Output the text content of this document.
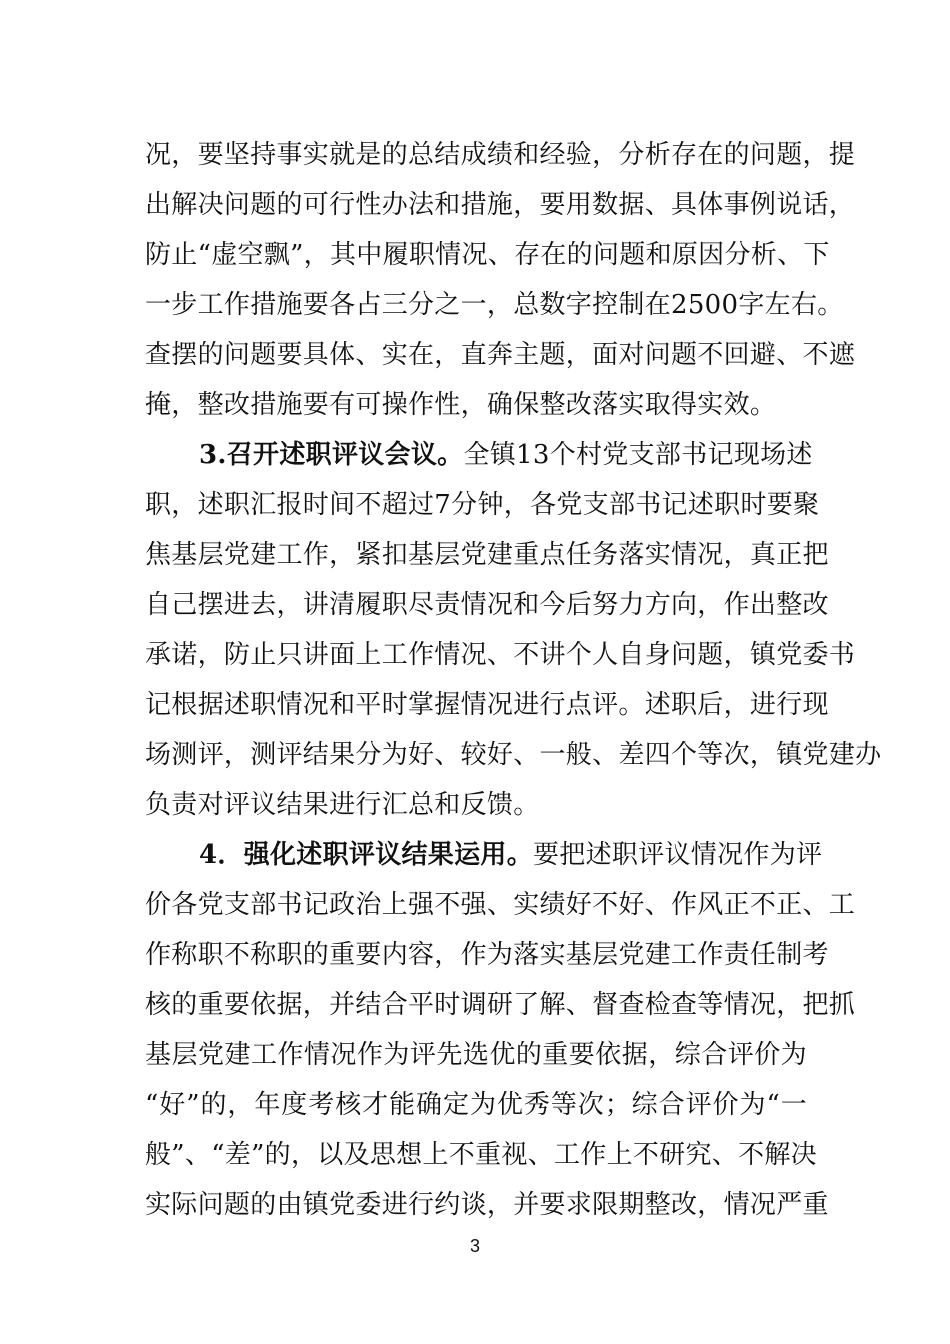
况，要坚持事实就是的总结成绩和经验，分析存在的问题，提
出解决问题的可行性办法和措施，要用数据、具体事例说话，
防止“虚空飘”，其中履职情况、存在的问题和原因分析、下
一步工作措施要各占三分之一，总数字控制在2500字左右。
查摆的问题要具体、实在，直奔主题，面对问题不回避、不遮
掩，整改措施要有可操作性，确保整改落实取得实效。
3.召开述职评议会议。全镇13个村党支部书记现场述
职，述职汇报时间不超过7分钟，各党支部书记述职时要聚
焦基层党建工作，紧扣基层党建重点任务落实情况，真正把
自己摆进去，讲清履职尽责情况和今后努力方向，作出整改
承诺，防止只讲面上工作情况、不讲个人自身问题，镇党委书
记根据述职情况和平时掌握情况进行点评。述职后，进行现
场测评，测评结果分为好、较好、一般、差四个等次，镇党建办
负责对评议结果进行汇总和反馈。
4．强化述职评议结果运用。要把述职评议情况作为评
价各党支部书记政治上强不强、实绩好不好、作风正不正、工
作称职不称职的重要内容，作为落实基层党建工作责任制考
核的重要依据，并结合平时调研了解、督查检查等情况，把抓
基层党建工作情况作为评先选优的重要依据，综合评价为
“好”的，年度考核才能确定为优秀等次；综合评价为“一
般”、“差”的，以及思想上不重视、工作上不研究、不解决
实际问题的由镇党委进行约谈，并要求限期整改，情况严重
3
